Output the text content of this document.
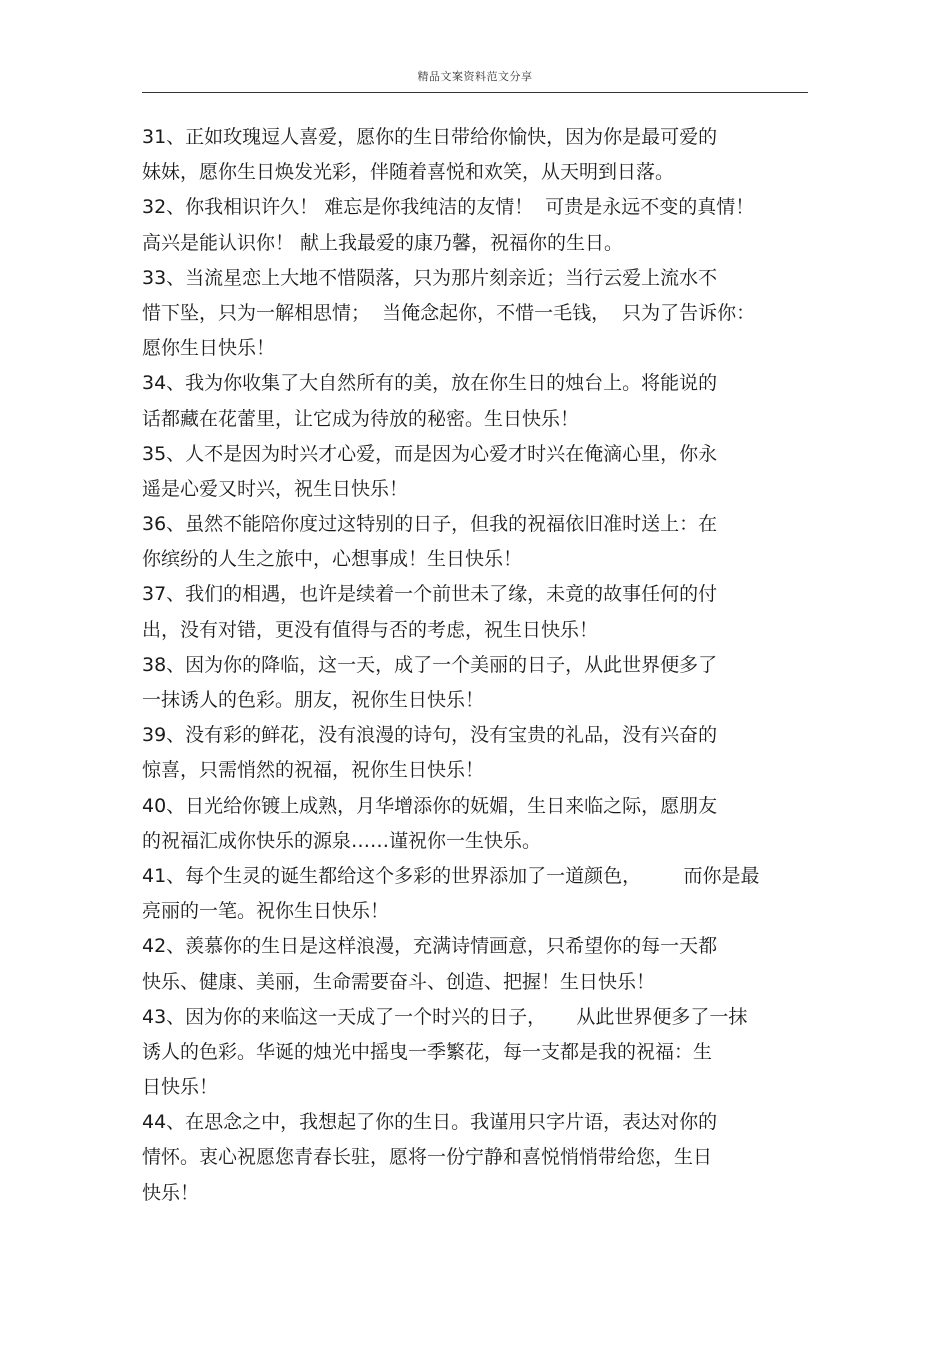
精品文案资料范文分享
31、正如玫瑰逗人喜爱，愿你的生日带给你愉快，因为你是最可爱的
妹妹，愿你生日焕发光彩，伴随着喜悦和欢笑，从天明到日落。
32、你我相识许久！ 难忘是你我纯洁的友情！  可贵是永远不变的真情！
高兴是能认识你！ 献上我最爱的康乃馨，祝福你的生日。
33、当流星恋上大地不惜陨落，只为那片刻亲近；当行云爱上流水不
惜下坠，只为一解相思情；  当俺念起你，不惜一毛钱，  只为了告诉你：
愿你生日快乐！
34、我为你收集了大自然所有的美，放在你生日的烛台上。将能说的
话都藏在花蕾里，让它成为待放的秘密。生日快乐！
35、人不是因为时兴才心爱，而是因为心爱才时兴在俺滴心里，你永
遥是心爱又时兴，祝生日快乐！
36、虽然不能陪你度过这特别的日子，但我的祝福依旧准时送上：在
你缤纷的人生之旅中，心想事成！生日快乐！
37、我们的相遇，也许是续着一个前世未了缘，未竟的故事任何的付
出，没有对错，更没有值得与否的考虑，祝生日快乐！
38、因为你的降临，这一天，成了一个美丽的日子，从此世界便多了
一抹诱人的色彩。朋友，祝你生日快乐！
39、没有彩的鲜花，没有浪漫的诗句，没有宝贵的礼品，没有兴奋的
惊喜，只需悄然的祝福，祝你生日快乐！
40、日光给你镀上成熟，月华增添你的妩媚，生日来临之际，愿朋友
的祝福汇成你快乐的源泉……谨祝你一生快乐。
41、每个生灵的诞生都给这个多彩的世界添加了一道颜色，       而你是最
亮丽的一笔。祝你生日快乐！
42、羡慕你的生日是这样浪漫，充满诗情画意，只希望你的每一天都
快乐、健康、美丽，生命需要奋斗、创造、把握！生日快乐！
43、因为你的来临这一天成了一个时兴的日子，     从此世界便多了一抹
诱人的色彩。华诞的烛光中摇曳一季繁花，每一支都是我的祝福：生
日快乐！
44、在思念之中，我想起了你的生日。我谨用只字片语，表达对你的
情怀。衷心祝愿您青春长驻，愿将一份宁静和喜悦悄悄带给您，生日
快乐！
